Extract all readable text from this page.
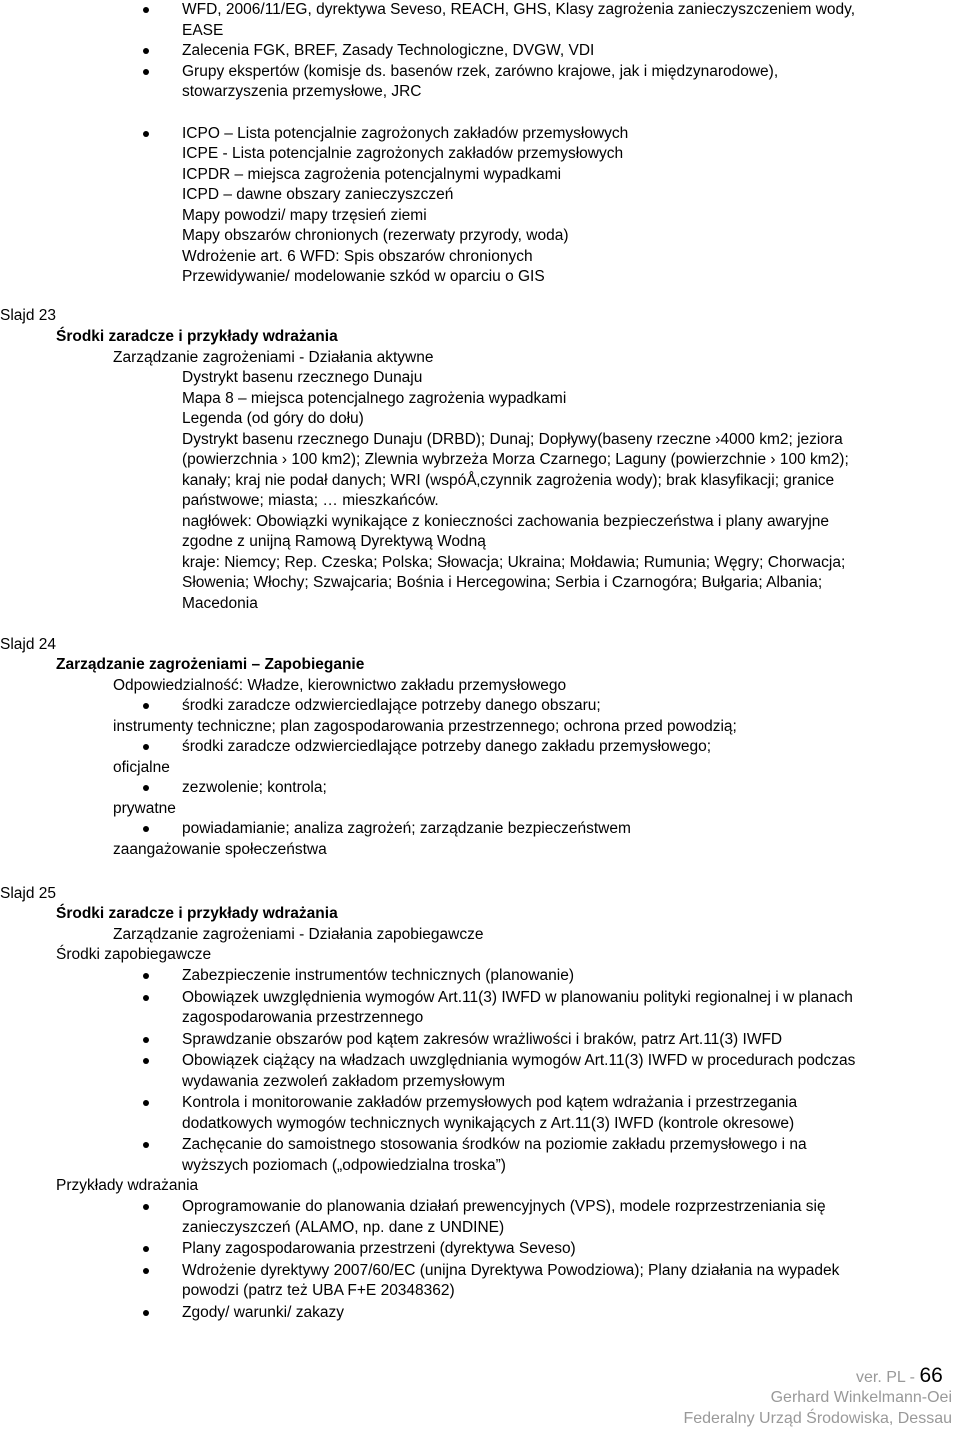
WFD, 2006/11/EG, dyrektywa Seveso, REACH, GHS, Klasy zagrożenia zanieczyszczeniem wody,
EASE
Zalecenia FGK, BREF, Zasady Technologiczne, DVGW, VDI
Grupy ekspertów (komisje ds. basenów rzek, zarówno krajowe, jak i międzynarodowe),
stowarzyszenia przemysłowe, JRC
ICPO – Lista potencjalnie zagrożonych zakładów przemysłowych
ICPE - Lista potencjalnie zagrożonych zakładów przemysłowych
ICPDR – miejsca zagrożenia potencjalnymi wypadkami
ICPD – dawne obszary zanieczyszczeń
Mapy powodzi/ mapy trzęsień ziemi
Mapy obszarów chronionych (rezerwaty przyrody, woda)
Wdrożenie art. 6 WFD: Spis obszarów chronionych
Przewidywanie/ modelowanie szkód w oparciu o GIS
Slajd 23
Środki zaradcze i przykłady wdrażania
Zarządzanie zagrożeniami - Działania aktywne
Dystrykt basenu rzecznego Dunaju
Mapa 8 – miejsca potencjalnego zagrożenia wypadkami
Legenda (od góry do dołu)
Dystrykt basenu rzecznego Dunaju (DRBD); Dunaj; Dopływy(baseny rzeczne ›4000 km2; jeziora
(powierzchnia › 100 km2); Zlewnia wybrzeża Morza Czarnego; Laguny (powierzchnie › 100 km2);
kanały; kraj nie podał danych; WRI (wspóÅ‚czynnik zagrożenia wody); brak klasyfikacji; granice
państwowe; miasta; … mieszkańców.
nagłówek: Obowiązki wynikające z konieczności zachowania bezpieczeństwa i plany awaryjne
zgodne z unijną Ramową Dyrektywą Wodną
kraje: Niemcy; Rep. Czeska; Polska; Słowacja; Ukraina; Mołdawia; Rumunia; Węgry; Chorwacja;
Słowenia; Włochy; Szwajcaria; Bośnia i Hercegowina; Serbia i Czarnogóra; Bułgaria; Albania;
Macedonia
Slajd 24
Zarządzanie zagrożeniami – Zapobieganie
Odpowiedzialność: Władze, kierownictwo zakładu przemysłowego
środki zaradcze odzwierciedlające potrzeby danego obszaru;
instrumenty techniczne; plan zagospodarowania przestrzennego; ochrona przed powodzią;
środki zaradcze odzwierciedlające potrzeby danego zakładu przemysłowego;
oficjalne
zezwolenie; kontrola;
prywatne
powiadamianie; analiza zagrożeń; zarządzanie bezpieczeństwem
zaangażowanie społeczeństwa
Slajd 25
Środki zaradcze i przykłady wdrażania
Zarządzanie zagrożeniami - Działania zapobiegawcze
Środki zapobiegawcze
Zabezpieczenie instrumentów technicznych (planowanie)
Obowiązek uwzględnienia wymogów Art.11(3) IWFD w planowaniu polityki regionalnej i w planach
zagospodarowania przestrzennego
Sprawdzanie obszarów pod kątem zakresów wrażliwości i braków, patrz Art.11(3) IWFD
Obowiązek ciążący na władzach uwzględniania wymogów Art.11(3) IWFD w procedurach podczas
wydawania zezwoleń zakładom przemysłowym
Kontrola i monitorowanie zakładów przemysłowych pod kątem wdrażania i przestrzegania
dodatkowych wymogów technicznych wynikających z Art.11(3) IWFD (kontrole okresowe)
Zachęcanie do samoistnego stosowania środków na poziomie zakładu przemysłowego i na
wyższych poziomach („odpowiedzialna troska”)
Przykłady wdrażania
Oprogramowanie do planowania działań prewencyjnych (VPS), modele rozprzestrzeniania się
zanieczyszczeń (ALAMO, np. dane z UNDINE)
Plany zagospodarowania przestrzeni (dyrektywa Seveso)
Wdrożenie dyrektywy 2007/60/EC (unijna Dyrektywa Powodziowa); Plany działania na wypadek
powodzi (patrz też UBA F+E 20348362)
Zgody/ warunki/ zakazy
ver. PL - 66
Gerhard Winkelmann-Oei
Federalny Urząd Środowiska, Dessau
